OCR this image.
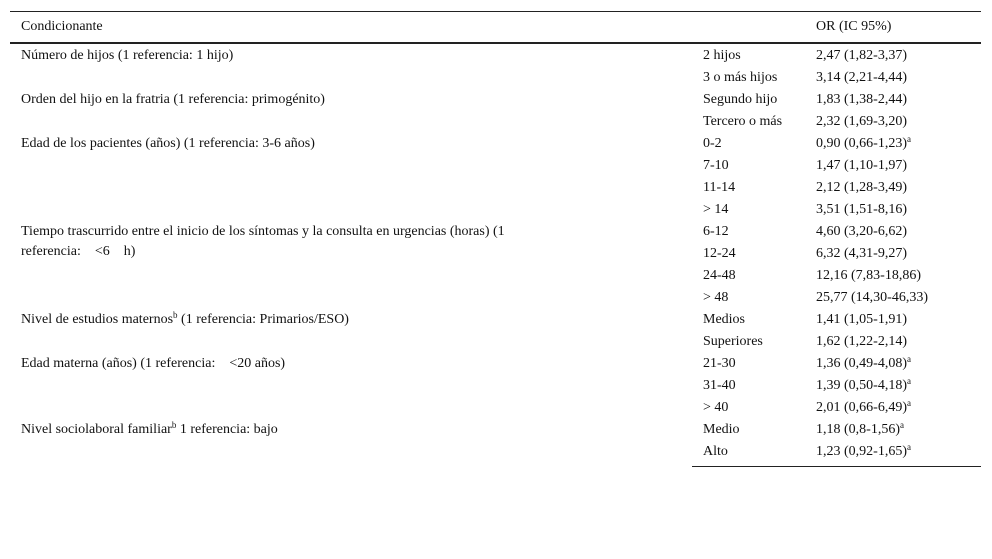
Condicionante		OR (IC 95%)
Número de hijos (1 referencia: 1 hijo)	2 hijos	2,47 (1,82-3,37)
	3 o más hijos	3,14 (2,21-4,44)
Orden del hijo en la fratria (1 referencia: primogénito)	Segundo hijo	1,83 (1,38-2,44)
	Tercero o más	2,32 (1,69-3,20)
Edad de los pacientes (años) (1 referencia: 3-6 años)	0-2	0,90 $(0,66-1,23)^a$
	7-10	1,47 (1,10-1,97)
	11-14	2,12 (1,28-3,49)
	> 14	3,51 (1,51-8,16)
Tiempo trascurrido entre el inicio de los síntomas y la consulta en urgencias (horas) (1 referencia:    <6    h)	6-12	4,60 (3,20-6,62)
	12-24	6,32 (4,31-9,27)
	24-48	12,16 (7,83-18,86)
	> 48	25,77 (14,30-46,33)
Nivel de estudios maternos$^b$ (1 referencia: Primarios/ESO)	Medios	1,41 (1,05-1,91)
	Superiores	1,62 (1,22-2,14)
Edad materna (años) (1 referencia:    <20 años)	21-30	1,36 $(0,49-4,08)^a$
	31-40	1,39 $(0,50-4,18)^a$
	> 40	2,01 $(0,66-6,49)^a$
Nivel sociolaboral familiar$^b$ 1 referencia: bajo	Medio	1,18 $(0,8-1,56)^a$
	Alto	1,23 $(0,92-1,65)^a$
